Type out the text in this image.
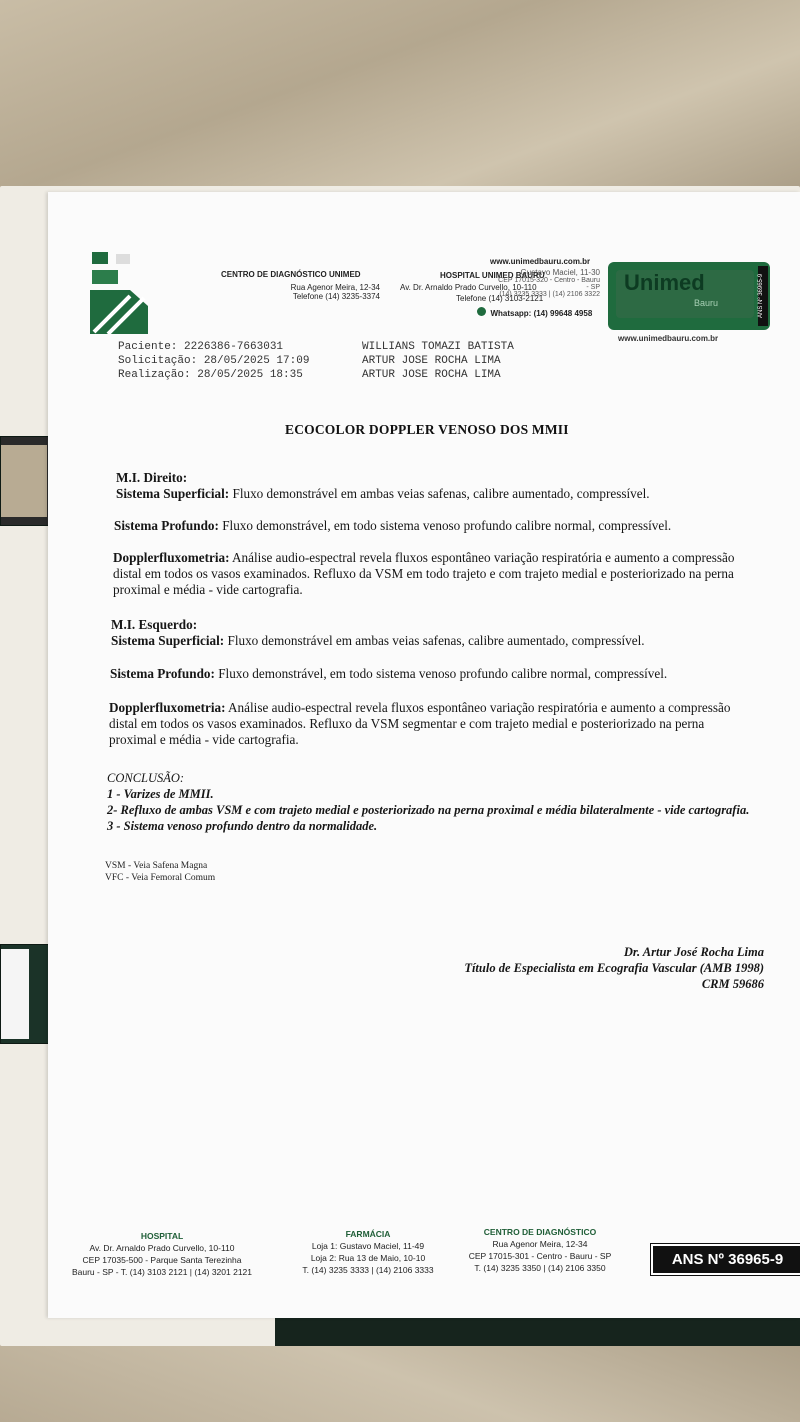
CENTRO DE DIAGNÓSTICO UNIMED
Rua Agenor Meira, 12-34
Telefone (14) 3235-3374
HOSPITAL UNIMED BAURU
Av. Dr. Arnaldo Prado Curvello, 10-110
Telefone (14) 3103-2121
www.unimedbauru.com.br
Gustavo Maciel, 11-30
CEP 17015-320 - Centro - Bauru - SP
(14) 3235 3333 | (14) 2106 3322
Whatsapp: (14) 99648 4958
Unimed
Bauru	ANS Nº 36965-9
www.unimedbauru.com.br
Paciente: 2226386-7663031
Solicitação: 28/05/2025 17:09
Realização: 28/05/2025 18:35
WILLIANS TOMAZI BATISTA
ARTUR JOSE ROCHA LIMA
ARTUR JOSE ROCHA LIMA
ECOCOLOR DOPPLER VENOSO DOS MMII
M.I. Direito:
Sistema Superficial: Fluxo demonstrável em ambas veias safenas, calibre aumentado, compressível.
Sistema Profundo: Fluxo demonstrável, em todo sistema venoso profundo calibre normal, compressível.
Dopplerfluxometria: Análise audio-espectral revela fluxos espontâneo variação respiratória e aumento a compressão distal em todos os vasos examinados. Refluxo da VSM em todo trajeto e com trajeto medial e posteriorizado na perna proximal e média - vide cartografia.
M.I. Esquerdo:
Sistema Superficial: Fluxo demonstrável em ambas veias safenas, calibre aumentado, compressível.
Sistema Profundo: Fluxo demonstrável, em todo sistema venoso profundo calibre normal, compressível.
Dopplerfluxometria: Análise audio-espectral revela fluxos espontâneo variação respiratória e aumento a compressão distal em todos os vasos examinados. Refluxo da VSM segmentar e com trajeto medial e posteriorizado na perna proximal e média - vide cartografia.
CONCLUSÃO:
1 - Varizes de MMII.
2- Refluxo de ambas VSM e com trajeto medial e posteriorizado na perna proximal e média bilateralmente - vide cartografia.
3 - Sistema venoso profundo dentro da normalidade.
VSM - Veia Safena Magna
VFC - Veia Femoral Comum
Dr. Artur José Rocha Lima
Título de Especialista em Ecografia Vascular (AMB 1998)
CRM 59686
HOSPITAL
Av. Dr. Arnaldo Prado Curvello, 10-110
CEP 17035-500 - Parque Santa Terezinha
Bauru - SP - T. (14) 3103 2121 | (14) 3201 2121
FARMÁCIA
Loja 1: Gustavo Maciel, 11-49
Loja 2: Rua 13 de Maio, 10-10
T. (14) 3235 3333 | (14) 2106 3333
CENTRO DE DIAGNÓSTICO
Rua Agenor Meira, 12-34
CEP 17015-301 - Centro - Bauru - SP
T. (14) 3235 3350 | (14) 2106 3350	ANS Nº 36965-9
